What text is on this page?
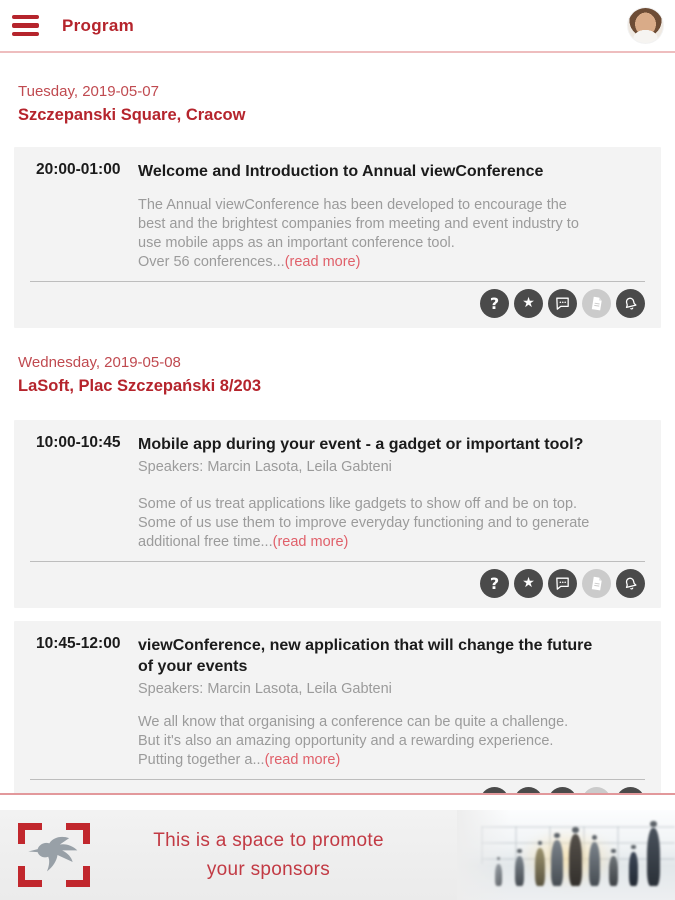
Program
Tuesday, 2019-05-07
Szczepanski Square, Cracow
20:00-01:00	Welcome and Introduction to Annual viewConference

The Annual viewConference has been developed to encourage the best and the brightest companies from meeting and event industry to use mobile apps as an important conference tool.

Over 56 conferences...(read more)

? ★
Wednesday, 2019-05-08
LaSoft, Plac Szczepański 8/203
10:00-10:45	Mobile app during your event - a gadget or important tool?

Speakers: Marcin Lasota, Leila Gabteni

Some of us treat applications like gadgets to show off and be on top. Some of us use them to improve everyday functioning and to generate additional free time...(read more)

? ★
10:45-12:00	viewConference, new application that will change the future of your events

Speakers: Marcin Lasota, Leila Gabteni

We all know that organising a conference can be quite a challenge. But it's also an amazing opportunity and a rewarding experience. Putting together a...(read more)

This is a space to promote
your sponsors
